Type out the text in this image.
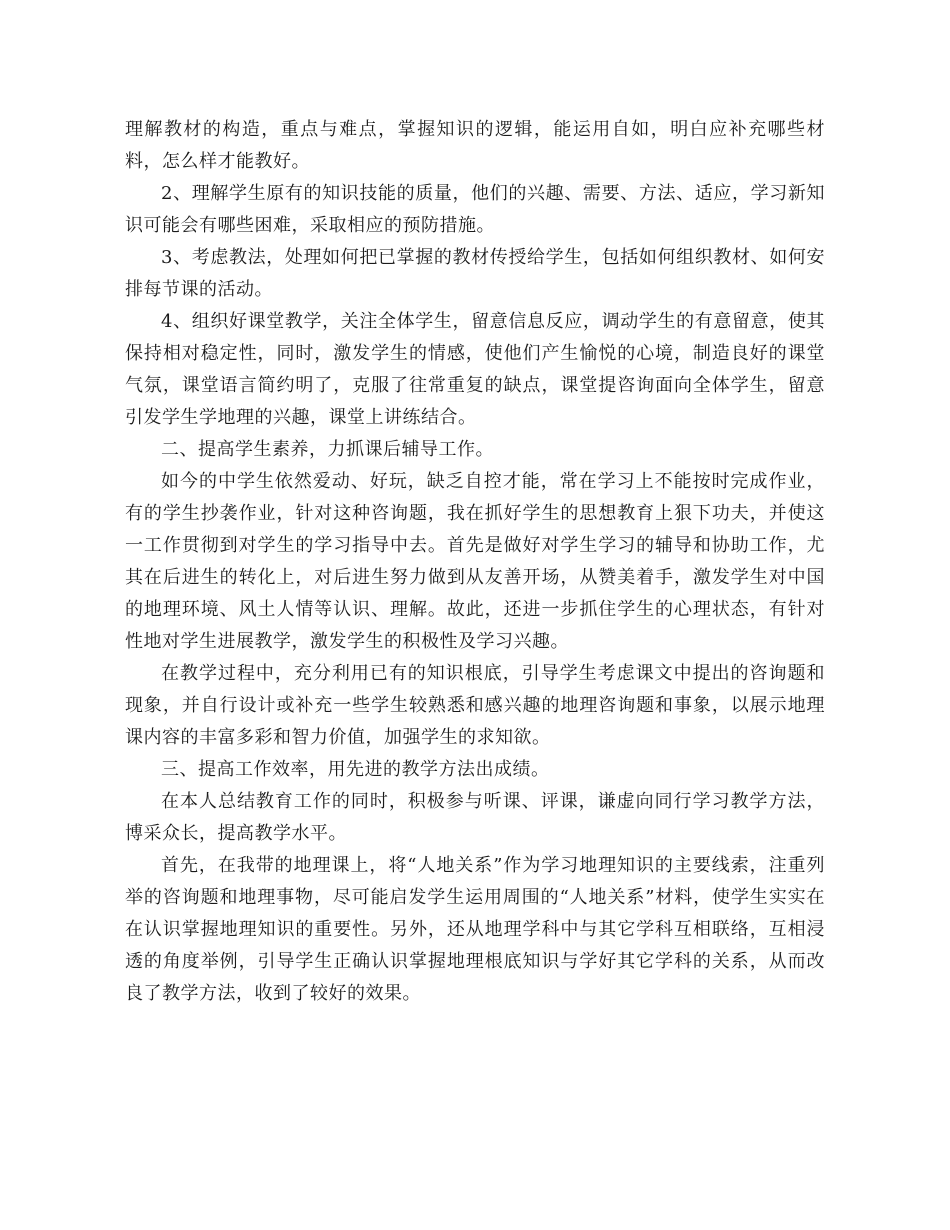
理解教材的构造，重点与难点，掌握知识的逻辑，能运用自如，明白应补充哪些材料，怎么样才能教好。

2、理解学生原有的知识技能的质量，他们的兴趣、需要、方法、适应，学习新知识可能会有哪些困难，采取相应的预防措施。

3、考虑教法，处理如何把已掌握的教材传授给学生，包括如何组织教材、如何安排每节课的活动。

4、组织好课堂教学，关注全体学生，留意信息反应，调动学生的有意留意，使其保持相对稳定性，同时，激发学生的情感，使他们产生愉悦的心境，制造良好的课堂气氛，课堂语言简约明了，克服了往常重复的缺点，课堂提咨询面向全体学生，留意引发学生学地理的兴趣，课堂上讲练结合。

二、提高学生素养，力抓课后辅导工作。

如今的中学生依然爱动、好玩，缺乏自控才能，常在学习上不能按时完成作业，有的学生抄袭作业，针对这种咨询题，我在抓好学生的思想教育上狠下功夫，并使这一工作贯彻到对学生的学习指导中去。首先是做好对学生学习的辅导和协助工作，尤其在后进生的转化上，对后进生努力做到从友善开场，从赞美着手，激发学生对中国的地理环境、风土人情等认识、理解。故此，还进一步抓住学生的心理状态，有针对性地对学生进展教学，激发学生的积极性及学习兴趣。

在教学过程中，充分利用已有的知识根底，引导学生考虑课文中提出的咨询题和现象，并自行设计或补充一些学生较熟悉和感兴趣的地理咨询题和事象，以展示地理课内容的丰富多彩和智力价值，加强学生的求知欲。

三、提高工作效率，用先进的教学方法出成绩。

在本人总结教育工作的同时，积极参与听课、评课，谦虚向同行学习教学方法，博采众长，提高教学水平。

首先，在我带的地理课上，将“人地关系”作为学习地理知识的主要线索，注重列举的咨询题和地理事物，尽可能启发学生运用周围的“人地关系”材料，使学生实实在在认识掌握地理知识的重要性。另外，还从地理学科中与其它学科互相联络，互相浸透的角度举例，引导学生正确认识掌握地理根底知识与学好其它学科的关系，从而改良了教学方法，收到了较好的效果。
